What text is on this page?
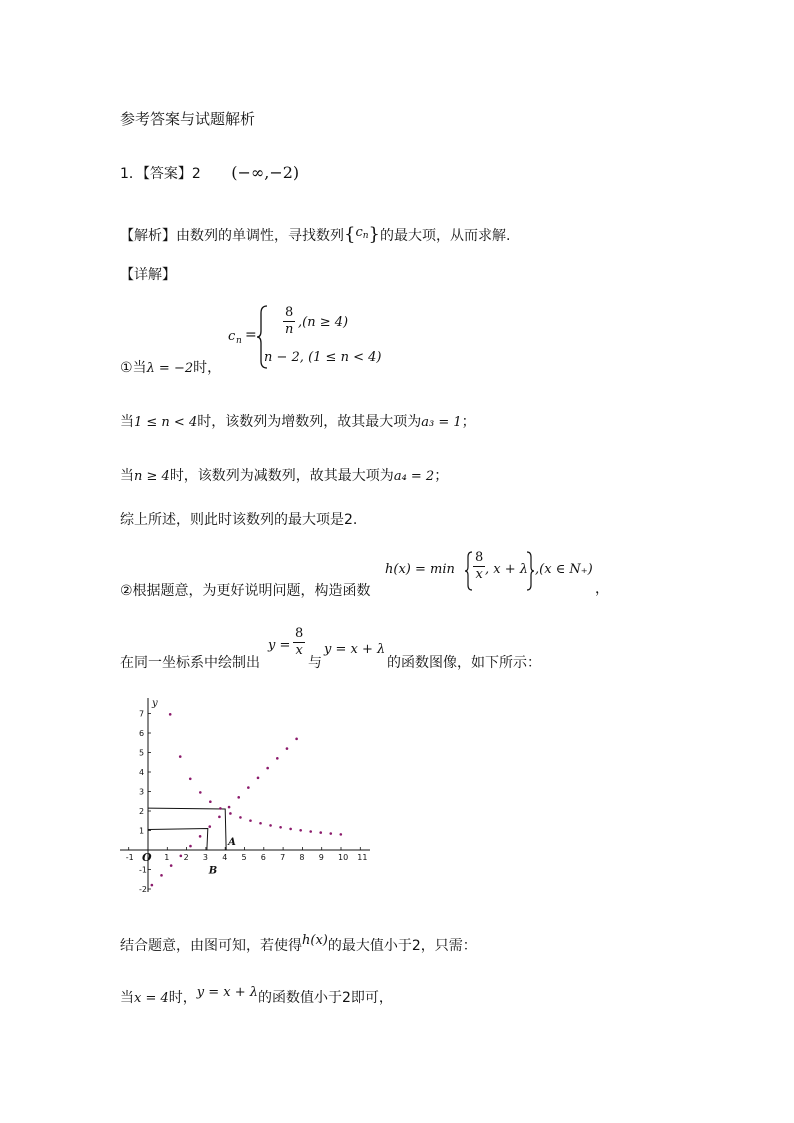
参考答案与试题解析
1．【答案】2 (−∞,−2)
【解析】由数列的单调性，寻找数列$\{c_n\}$的最大项，从而求解.
【详解】
①当λ = −2时，
c $n = \frac{8}{n} ,(n \ge 4)$
n − 2, (1 ≤ n < 4)
当1 ≤ n < 4时，该数列为增数列，故其最大项为a₃ = 1；
当n ≥ 4时，该数列为减数列，故其最大项为a₄ = 2；
综上所述，则此时该数列的最大项是2.
②根据题意，为更好说明问题，构造函数
$h(x) = \min \frac{8}{x}$ , x + λ ,(x ∈ N₊)
，
在同一坐标系中绘制出
$y = \frac{8}{x}$
与
y = x + λ
的函数图像，如下所示：
-1	1 2 3 4 5 6 7 8 9 10 11
7
6
5
4
3
2
1
-1
-2
y
O
A
B
结合题意，由图可知，若使得h(x)的最大值小于2，只需：
当x = 4时，y = x + λ的函数值小于2即可，
